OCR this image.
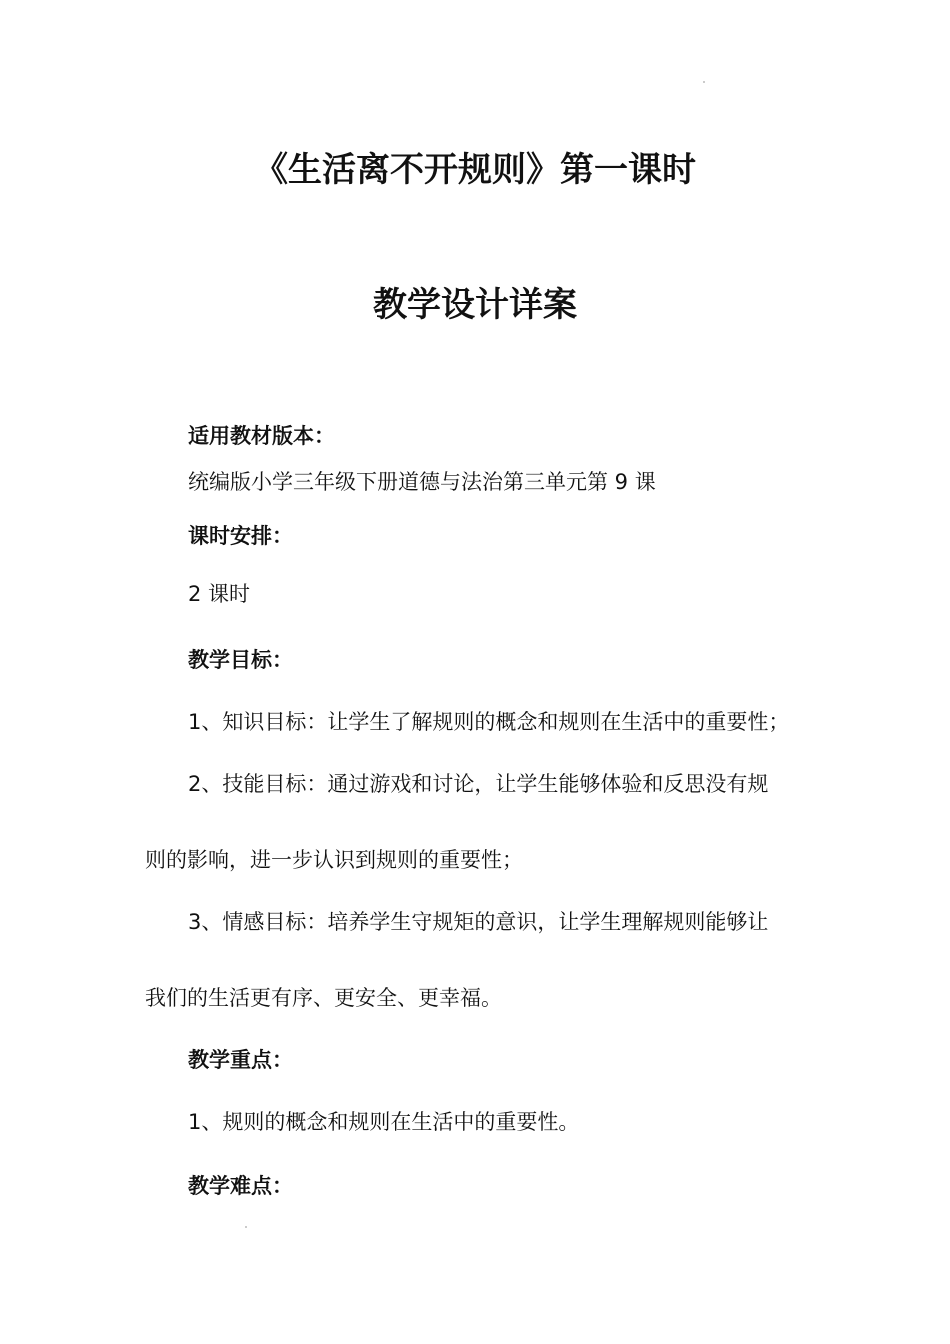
《生活离不开规则》第一课时
教学设计详案

适用教材版本：

统编版小学三年级下册道德与法治第三单元第 9 课

课时安排：

2 课时

教学目标：

1、知识目标：让学生了解规则的概念和规则在生活中的重要性；

2、技能目标：通过游戏和讨论，让学生能够体验和反思没有规

则的影响，进一步认识到规则的重要性；

3、情感目标：培养学生守规矩的意识，让学生理解规则能够让

我们的生活更有序、更安全、更幸福。

教学重点：

1、规则的概念和规则在生活中的重要性。

教学难点：
